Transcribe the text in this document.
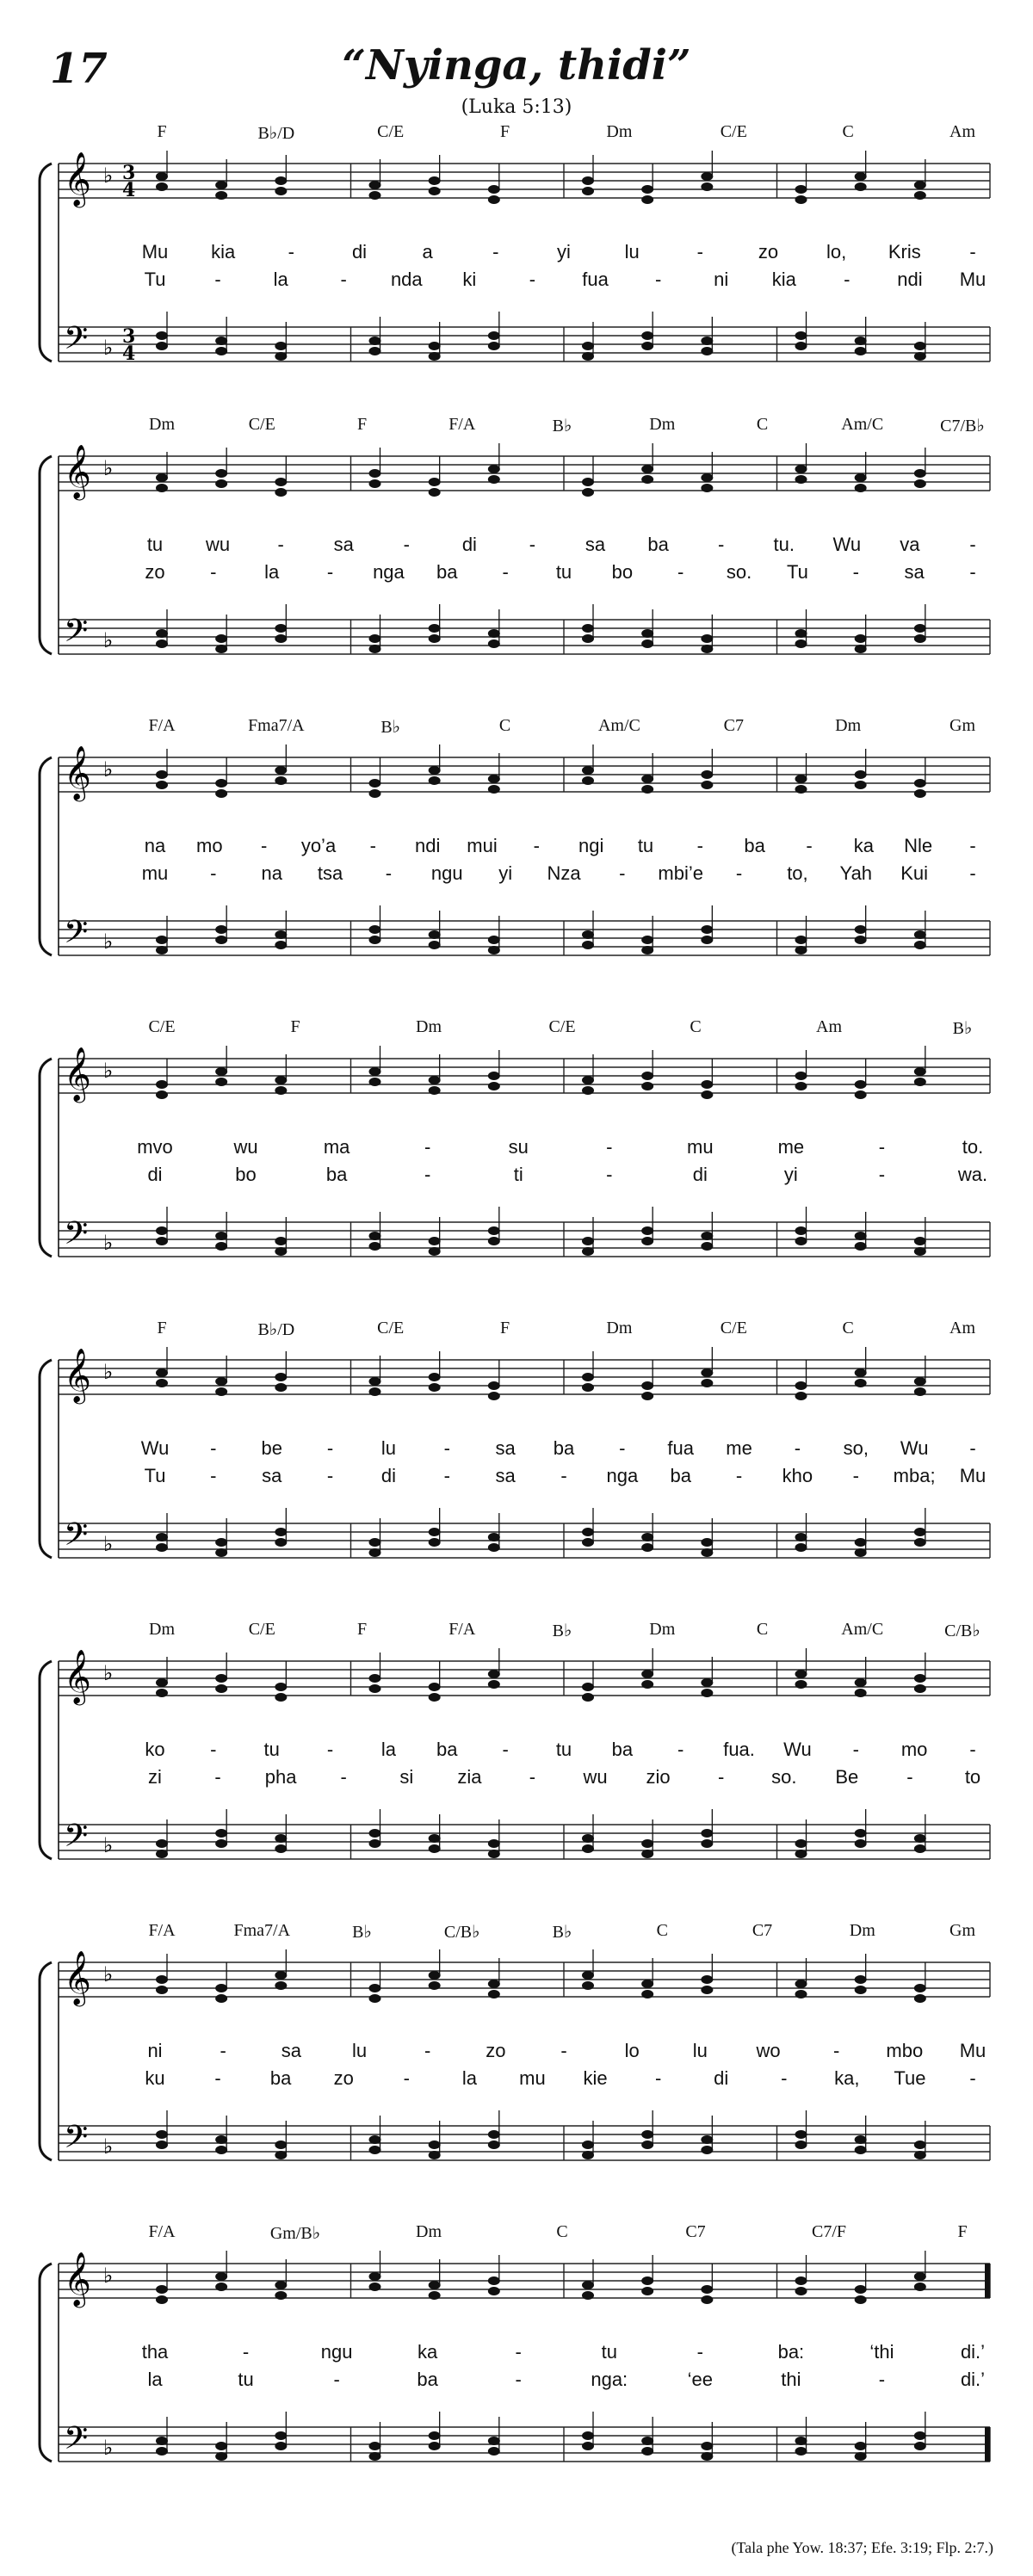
17	“Nyinga, thidi”
(Luka 5:13)
𝄞
𝄢
♭
♭
3
3
4
4
F	B♭/D	C/E	F	Dm	C/E	C	Am
Mu kia	-	di	a	-	yi	lu	-	zo	lo, Kris	-
Tu	-	la	- nda ki	- fua -	ni kia	- ndi Mu
𝄞
𝄢
♭
♭
Dm	C/E	F	F/A	B♭	Dm	C	Am/C	C7/B♭
tu wu	-	sa	-	di	-	sa ba	-	tu. Wu va	-
zo -	la	- nga ba -	tu bo - so. Tu - sa -
𝄞
𝄢
♭
♭
F/A	Fma7/A	B♭	C	Am/C	C7	Dm	Gm
na mo - yo’a - ndi mui - ngi tu - ba - ka Nle -
mu - na tsa - ngu yi Nza - mbi’e - to, Yah Kui -
𝄞
𝄢
♭
♭
C/E	F	Dm	C/E	C	Am	B♭
mvo	wu	ma	-	su	-	mu	me	-	to.
di	bo	ba	-	ti	-	di	yi	-	wa.
𝄞
𝄢
♭
♭
F	B♭/D	C/E	F	Dm	C/E	C	Am
Wu - be -	lu	- sa ba - fua me - so, Wu -
Tu - sa -	di	- sa - nga ba - kho - mba; Mu
𝄞
𝄢
♭
♭
Dm	C/E	F	F/A	B♭	Dm	C	Am/C	C/B♭
ko -	tu	-	la ba -	tu ba - fua. Wu - mo -
zi	- pha -	si zia	-	wu zio	- so. Be	-	to
𝄞
𝄢
♭
♭
F/A	Fma7/A	B♭	C/B♭	B♭	C	C7	Dm	Gm
ni	-	sa	lu	-	zo	-	lo	lu	wo	- mbo Mu
ku	-	ba zo	-	la mu kie	-	di	- ka, Tue -
𝄞
𝄢
♭
♭
F/A	Gm/B♭	Dm	C	C7	C7/F	F
tha	-	ngu	ka	-	tu	-	ba:	‘thi	di.’
la	tu	-	ba	-	nga:	‘ee	thi	-	di.’
(Tala phe Yow. 18:37; Efe. 3:19; Flp. 2:7.)
